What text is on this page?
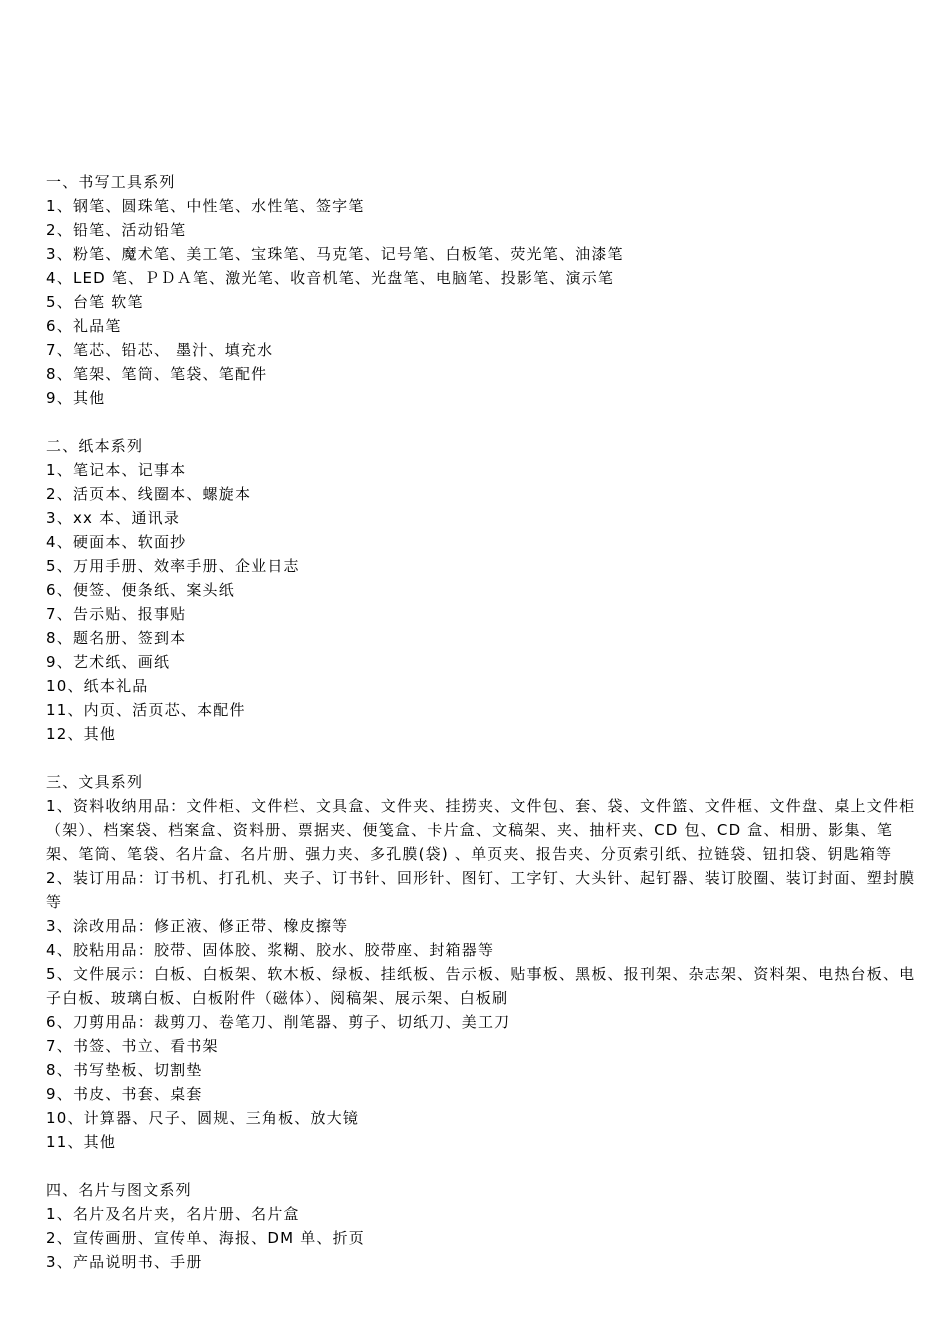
一、书写工具系列
1、钢笔、圆珠笔、中性笔、水性笔、签字笔
2、铅笔、活动铅笔
3、粉笔、魔术笔、美工笔、宝珠笔、马克笔、记号笔、白板笔、荧光笔、油漆笔
4、LED 笔、ＰＤＡ笔、激光笔、收音机笔、光盘笔、电脑笔、投影笔、演示笔
5、台笔 软笔
6、礼品笔
7、笔芯、铅芯、 墨汁、填充水
8、笔架、笔筒、笔袋、笔配件
9、其他
二、纸本系列
1、笔记本、记事本
2、活页本、线圈本、螺旋本
3、xx 本、通讯录
4、硬面本、软面抄
5、万用手册、效率手册、企业日志
6、便签、便条纸、案头纸
7、告示贴、报事贴
8、题名册、签到本
9、艺术纸、画纸
10、纸本礼品
11、内页、活页芯、本配件
12、其他
三、文具系列
1、资料收纳用品：文件柜、文件栏、文具盒、文件夹、挂捞夹、文件包、套、袋、文件篮、文件框、文件盘、桌上文件柜（架）、档案袋、档案盒、资料册、票据夹、便笺盒、卡片盒、文稿架、夹、抽杆夹、CD 包、CD 盒、相册、影集、笔架、笔筒、笔袋、名片盒、名片册、强力夹、多孔膜(袋) 、单页夹、报告夹、分页索引纸、拉链袋、钮扣袋、钥匙箱等
2、装订用品：订书机、打孔机、夹子、订书针、回形针、图钉、工字钉、大头针、起钉器、装订胶圈、装订封面、塑封膜 等
3、涂改用品：修正液、修正带、橡皮擦等
4、胶粘用品：胶带、固体胶、浆糊、胶水、胶带座、封箱器等
5、文件展示：白板、白板架、软木板、绿板、挂纸板、告示板、贴事板、黑板、报刊架、杂志架、资料架、电热台板、电子白板、玻璃白板、白板附件（磁体）、阅稿架、展示架、白板刷
6、刀剪用品：裁剪刀、卷笔刀、削笔器、剪子、切纸刀、美工刀
7、书签、书立、看书架
8、书写垫板、切割垫
9、书皮、书套、桌套
10、计算器、尺子、圆规、三角板、放大镜
11、其他
四、名片与图文系列
1、名片及名片夹，名片册、名片盒
2、宣传画册、宣传单、海报、DM 单、折页
3、产品说明书、手册
